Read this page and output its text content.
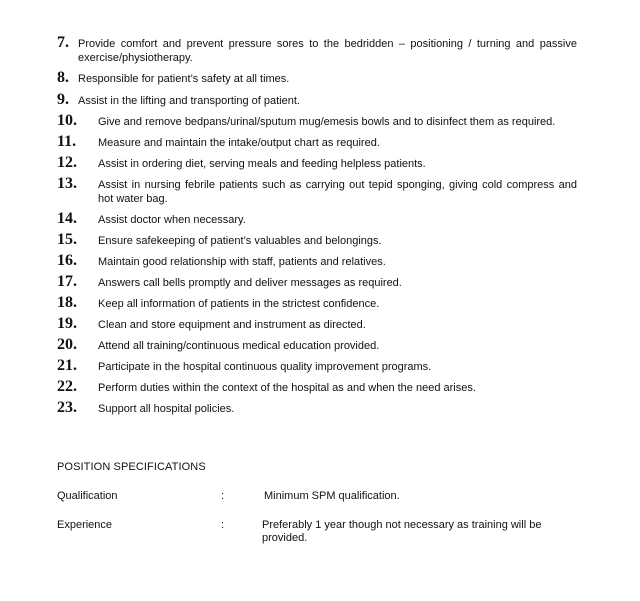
7. Provide comfort and prevent pressure sores to the bedridden – positioning / turning and passive exercise/physiotherapy.
8. Responsible for patient’s safety at all times.
9. Assist in the lifting and transporting of patient.
10.	Give and remove bedpans/urinal/sputum mug/emesis bowls and to disinfect them as required.
11.	Measure and maintain the intake/output chart as required.
12.	Assist in ordering diet, serving meals and feeding helpless patients.
13.	Assist in nursing febrile patients such as carrying out tepid sponging, giving cold compress and hot water bag.
14.	Assist doctor when necessary.
15.	Ensure safekeeping of patient’s valuables and belongings.
16.	Maintain good relationship with staff, patients and relatives.
17.	Answers call bells promptly and deliver messages as required.
18.	Keep all information of patients in the strictest confidence.
19.	Clean and store equipment and instrument as directed.
20.	Attend all training/continuous medical education provided.
21.	Participate in the hospital continuous quality improvement programs.
22.	Perform duties within the context of the hospital as and when the need arises.
23.	Support all hospital policies.
POSITION SPECIFICATIONS
Qualification	:	Minimum SPM qualification.
Experience	:	Preferably 1 year though not necessary as training will be provided.
